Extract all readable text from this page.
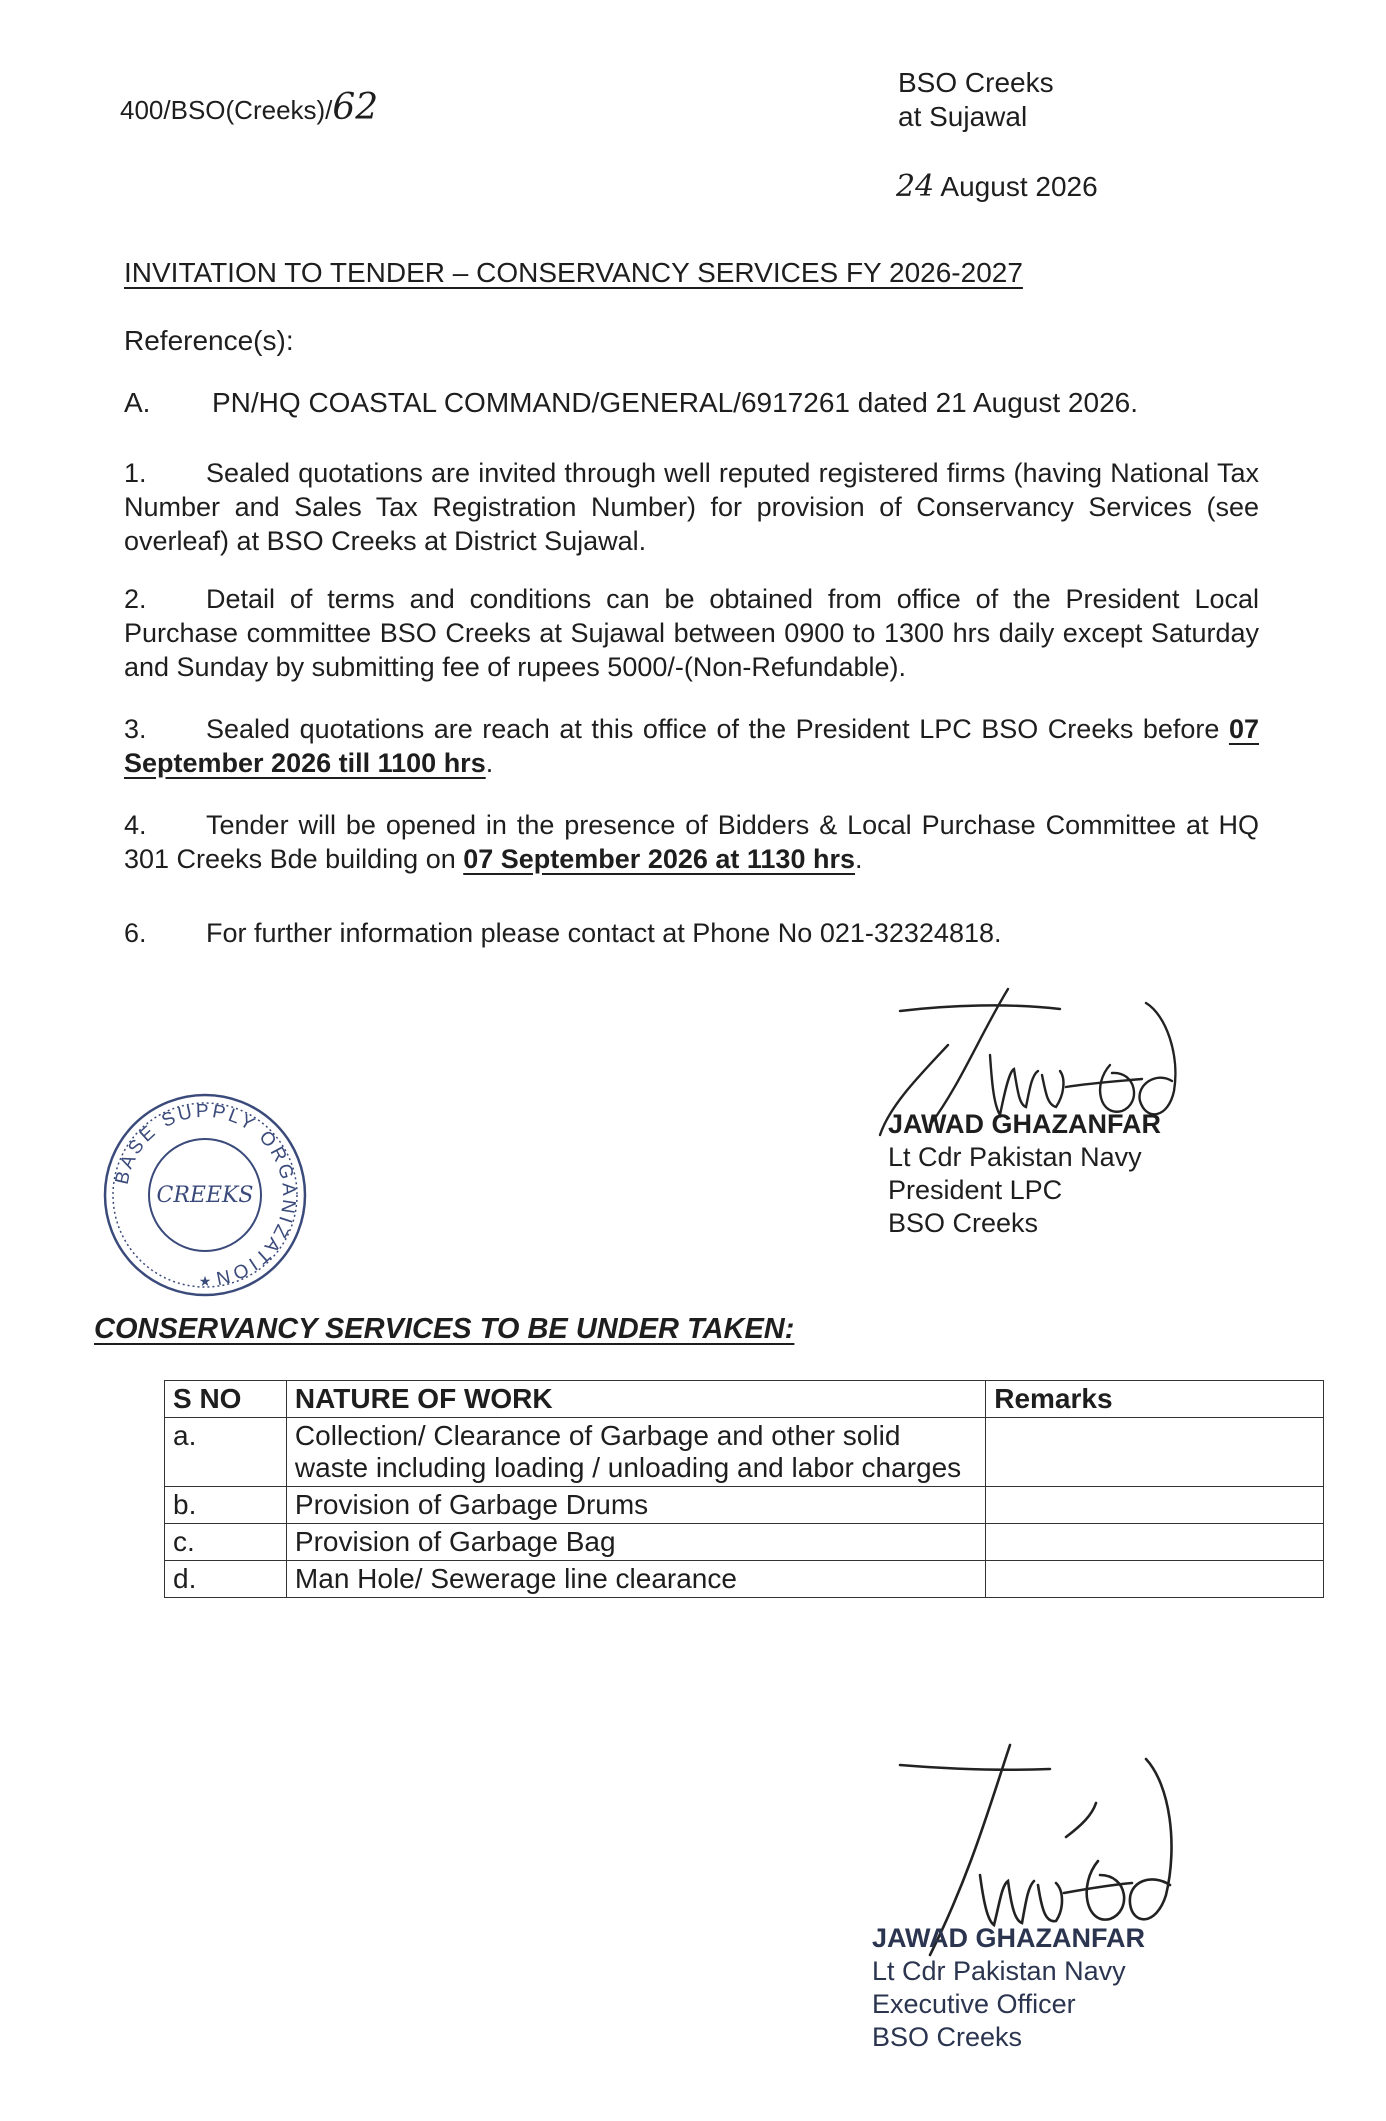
400/BSO(Creeks)/62
BSO Creeks
at Sujawal
24 August 2026
INVITATION TO TENDER – CONSERVANCY SERVICES FY 2026-2027
Reference(s):
A. PN/HQ COASTAL COMMAND/GENERAL/6917261 dated 21 August 2026.
1. Sealed quotations are invited through well reputed registered firms (having National Tax Number and Sales Tax Registration Number) for provision of Conservancy Services (see overleaf) at BSO Creeks at District Sujawal.
2. Detail of terms and conditions can be obtained from office of the President Local Purchase committee BSO Creeks at Sujawal between 0900 to 1300 hrs daily except Saturday and Sunday by submitting fee of rupees 5000/-(Non-Refundable).
3. Sealed quotations are reach at this office of the President LPC BSO Creeks before 07 September 2026 till 1100 hrs.
4. Tender will be opened in the presence of Bidders & Local Purchase Committee at HQ 301 Creeks Bde building on 07 September 2026 at 1130 hrs.
6. For further information please contact at Phone No 021-32324818.
BASE SUPPLY ORGANIZATION
CREEKS
★
JAWAD GHAZANFAR
Lt Cdr Pakistan Navy
President LPC
BSO Creeks
CONSERVANCY SERVICES TO BE UNDER TAKEN:
S NO	NATURE OF WORK	Remarks
a.	Collection/ Clearance of Garbage and other solid waste including loading / unloading and labor charges	
b.	Provision of Garbage Drums	
c.	Provision of Garbage Bag	
d.	Man Hole/ Sewerage line clearance	
JAWAD GHAZANFAR
Lt Cdr Pakistan Navy
Executive Officer
BSO Creeks
